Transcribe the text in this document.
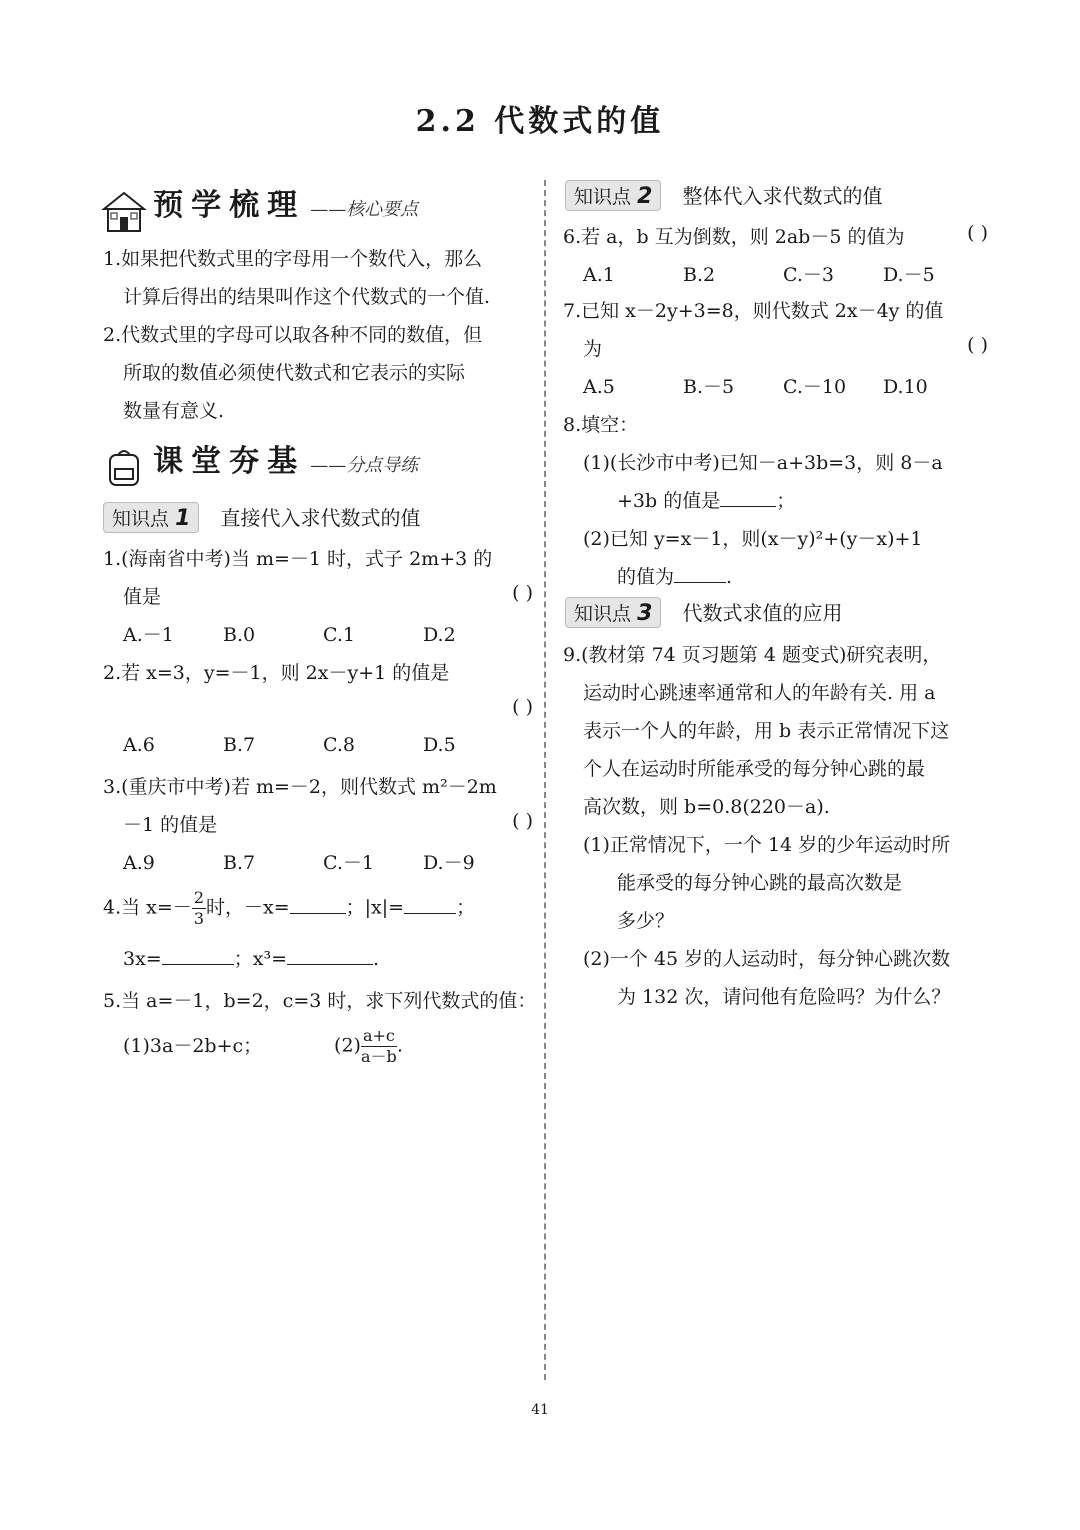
2.2 代数式的值
预学梳理 ——核心要点
1.如果把代数式里的字母用一个数代入，那么
计算后得出的结果叫作这个代数式的一个值.
2.代数式里的字母可以取各种不同的数值，但
所取的数值必须使代数式和它表示的实际
数量有意义.
课堂夯基 ——分点导练
知识点 1 直接代入求代数式的值
1.(海南省中考)当 m=－1 时，式子 2m+3 的
值是	( )
A.－1	B.0	C.1	D.2
2.若 x=3，y=－1，则 2x－y+1 的值是
( )
A.6	B.7	C.8	D.5
3.(重庆市中考)若 m=－2，则代数式 m²－2m
－1 的值是	( )
A.9	B.7	C.－1	D.－9
4.当 $x=- \frac{2}{3}$ 时，－x=	；|x|=	；
3x=	；x³=	.
5.当 a=－1，b=2，c=3 时，求下列代数式的值：
(1)3a－2b+c；	$(2) \frac{a+c}{a-b}$ .
知识点 2 整体代入求代数式的值
6.若 a，b 互为倒数，则 2ab－5 的值为	( )
A.1	B.2	C.－3	D.－5
7.已知 x－2y+3=8，则代数式 2x－4y 的值
为	( )
A.5	B.－5	C.－10 D.10
8.填空：
(1)(长沙市中考)已知－a+3b=3，则 8－a
+3b 的值是	；
(2)已知 y=x－1，则(x－y)²+(y－x)+1
的值为	.
知识点 3 代数式求值的应用
9.(教材第 74 页习题第 4 题变式)研究表明，
运动时心跳速率通常和人的年龄有关. 用 a
表示一个人的年龄，用 b 表示正常情况下这
个人在运动时所能承受的每分钟心跳的最
高次数，则 b=0.8(220－a).
(1)正常情况下，一个 14 岁的少年运动时所
能承受的每分钟心跳的最高次数是
多少？
(2)一个 45 岁的人运动时，每分钟心跳次数
为 132 次，请问他有危险吗？为什么？
41
